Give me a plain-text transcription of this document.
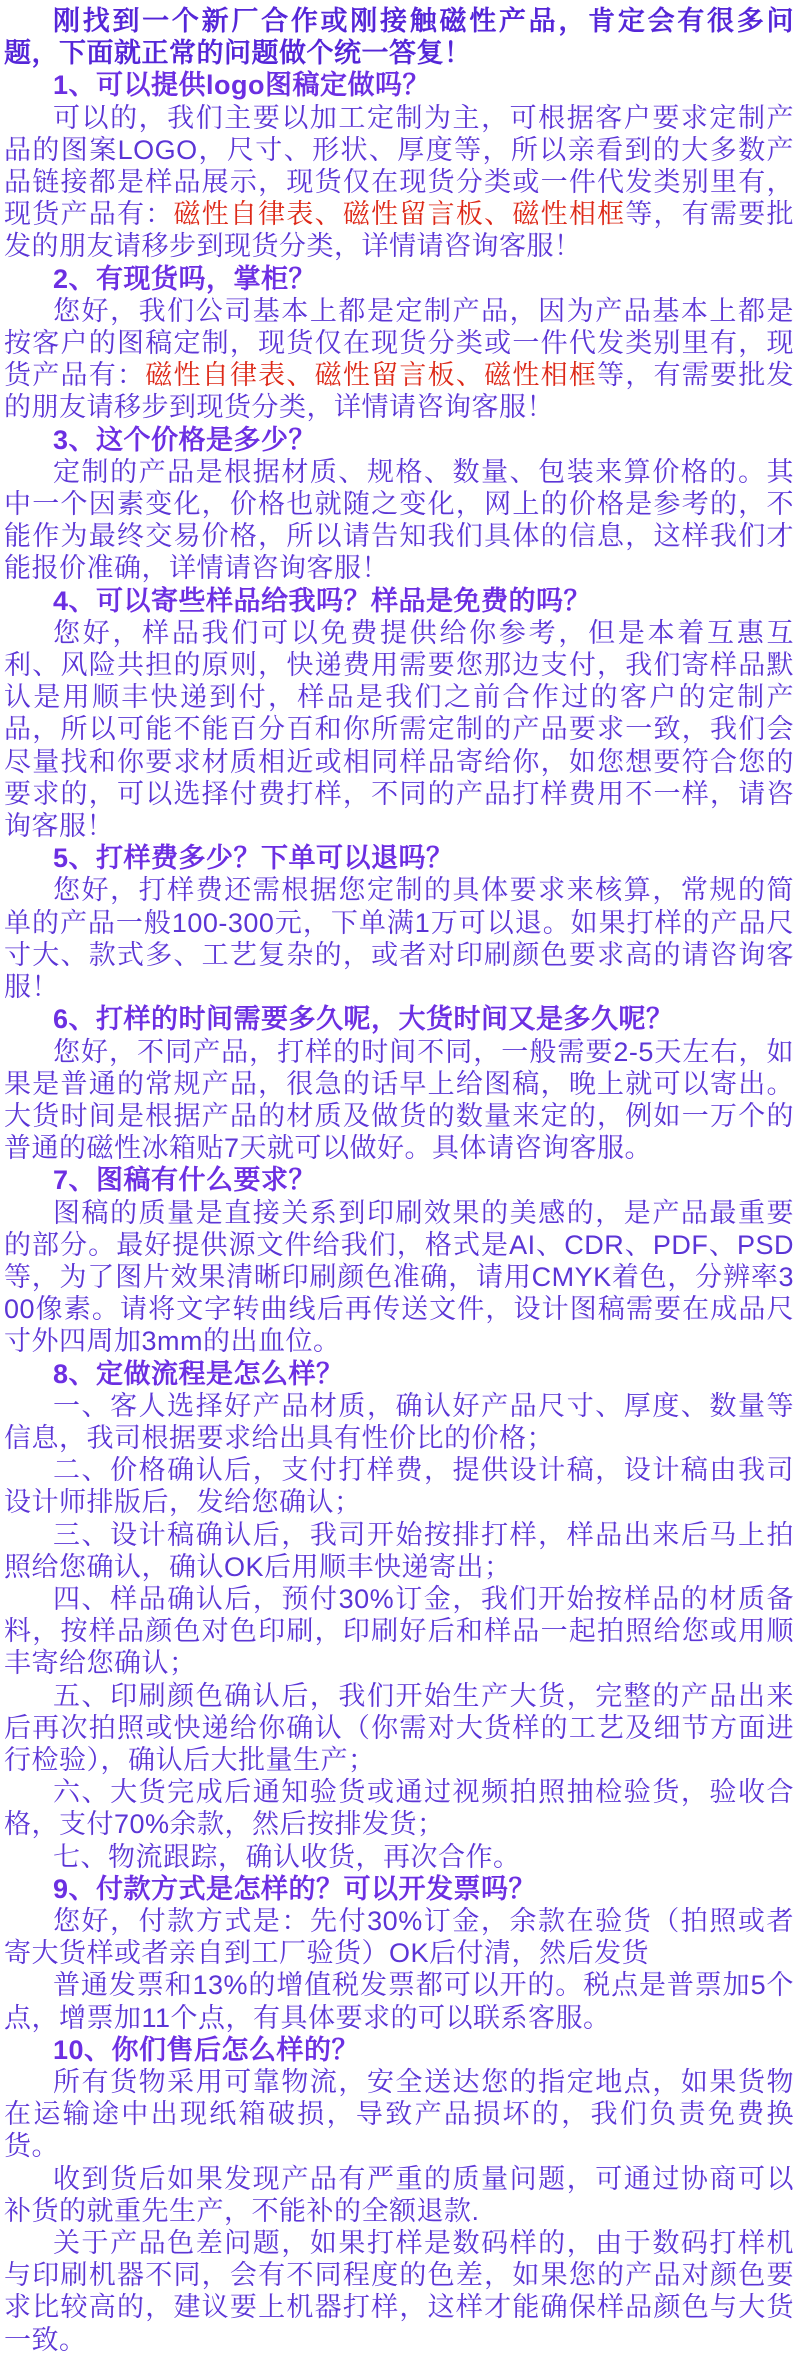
刚找到一个新厂合作或刚接触磁性产品，肯定会有很多问题，下面就正常的问题做个统一答复！

1、可以提供logo图稿定做吗？

可以的，我们主要以加工定制为主，可根据客户要求定制产品的图案LOGO，尺寸、形状、厚度等，所以亲看到的大多数产品链接都是样品展示，现货仅在现货分类或一件代发类别里有，现货产品有：磁性自律表、磁性留言板、磁性相框等，有需要批发的朋友请移步到现货分类，详情请咨询客服！

2、有现货吗，掌柜？

您好，我们公司基本上都是定制产品，因为产品基本上都是按客户的图稿定制，现货仅在现货分类或一件代发类别里有，现货产品有：磁性自律表、磁性留言板、磁性相框等，有需要批发的朋友请移步到现货分类，详情请咨询客服！

3、这个价格是多少？

定制的产品是根据材质、规格、数量、包装来算价格的。其中一个因素变化，价格也就随之变化，网上的价格是参考的，不能作为最终交易价格，所以请告知我们具体的信息，这样我们才能报价准确，详情请咨询客服！

4、可以寄些样品给我吗？样品是免费的吗？

您好，样品我们可以免费提供给你参考，但是本着互惠互利、风险共担的原则，快递费用需要您那边支付，我们寄样品默认是用顺丰快递到付，样品是我们之前合作过的客户的定制产品，所以可能不能百分百和你所需定制的产品要求一致，我们会尽量找和你要求材质相近或相同样品寄给你，如您想要符合您的要求的，可以选择付费打样，不同的产品打样费用不一样，请咨询客服！

5、打样费多少？下单可以退吗？

您好，打样费还需根据您定制的具体要求来核算，常规的简单的产品一般100-300元，下单满1万可以退。如果打样的产品尺寸大、款式多、工艺复杂的，或者对印刷颜色要求高的请咨询客服！

6、打样的时间需要多久呢，大货时间又是多久呢？

您好，不同产品，打样的时间不同，一般需要2-5天左右，如果是普通的常规产品，很急的话早上给图稿，晚上就可以寄出。大货时间是根据产品的材质及做货的数量来定的，例如一万个的普通的磁性冰箱贴7天就可以做好。具体请咨询客服。

7、图稿有什么要求？

图稿的质量是直接关系到印刷效果的美感的，是产品最重要的部分。最好提供源文件给我们，格式是AI、CDR、PDF、PSD等，为了图片效果清晰印刷颜色准确，请用CMYK着色，分辨率300像素。请将文字转曲线后再传送文件，设计图稿需要在成品尺寸外四周加3mm的出血位。

8、定做流程是怎么样？

一、客人选择好产品材质，确认好产品尺寸、厚度、数量等信息，我司根据要求给出具有性价比的价格；

二、价格确认后，支付打样费，提供设计稿，设计稿由我司设计师排版后，发给您确认；

三、设计稿确认后，我司开始按排打样，样品出来后马上拍照给您确认，确认OK后用顺丰快递寄出；

四、样品确认后，预付30%订金，我们开始按样品的材质备料，按样品颜色对色印刷，印刷好后和样品一起拍照给您或用顺丰寄给您确认；

五、印刷颜色确认后，我们开始生产大货，完整的产品出来后再次拍照或快递给你确认（你需对大货样的工艺及细节方面进行检验），确认后大批量生产；

六、大货完成后通知验货或通过视频拍照抽检验货，验收合格，支付70%余款，然后按排发货；

七、物流跟踪，确认收货，再次合作。

9、付款方式是怎样的？可以开发票吗？

您好，付款方式是：先付30%订金，余款在验货（拍照或者寄大货样或者亲自到工厂验货）OK后付清，然后发货

普通发票和13%的增值税发票都可以开的。税点是普票加5个点，增票加11个点，有具体要求的可以联系客服。

10、你们售后怎么样的？

所有货物采用可靠物流，安全送达您的指定地点，如果货物在运输途中出现纸箱破损，导致产品损坏的，我们负责免费换货。

收到货后如果发现产品有严重的质量问题，可通过协商可以补货的就重先生产，不能补的全额退款.

关于产品色差问题，如果打样是数码样的，由于数码打样机与印刷机器不同，会有不同程度的色差，如果您的产品对颜色要求比较高的，建议要上机器打样，这样才能确保样品颜色与大货一致。
